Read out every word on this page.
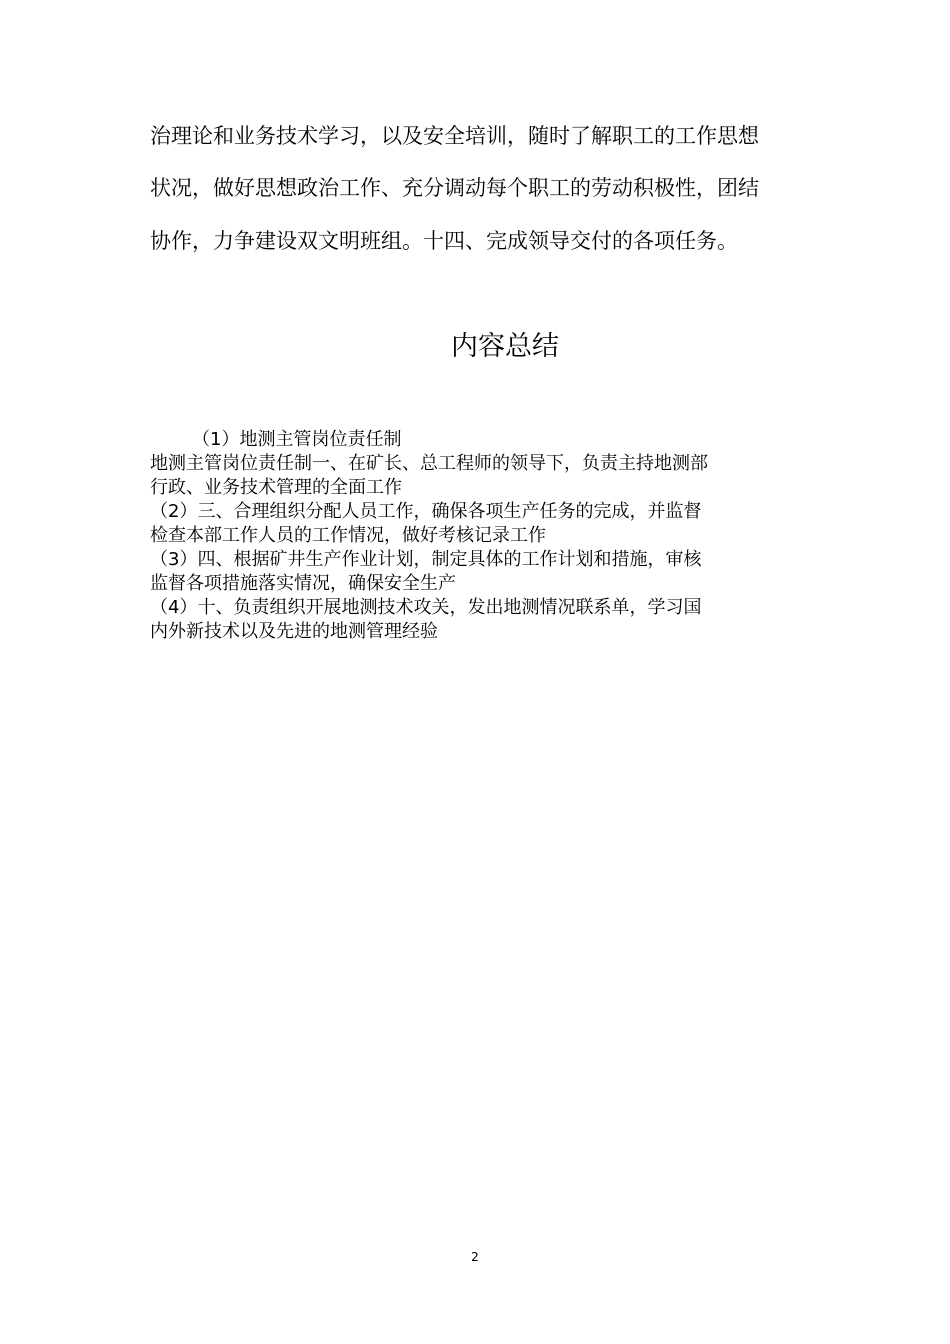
治理论和业务技术学习，以及安全培训，随时了解职工的工作思想
状况，做好思想政治工作、充分调动每个职工的劳动积极性，团结
协作，力争建设双文明班组。十四、完成领导交付的各项任务。
内容总结
（1）地测主管岗位责任制
地测主管岗位责任制一、在矿长、总工程师的领导下，负责主持地测部
行政、业务技术管理的全面工作
（2）三、合理组织分配人员工作，确保各项生产任务的完成，并监督
检查本部工作人员的工作情况，做好考核记录工作
（3）四、根据矿井生产作业计划，制定具体的工作计划和措施，审核
监督各项措施落实情况，确保安全生产
（4）十、负责组织开展地测技术攻关，发出地测情况联系单，学习国
内外新技术以及先进的地测管理经验
2
